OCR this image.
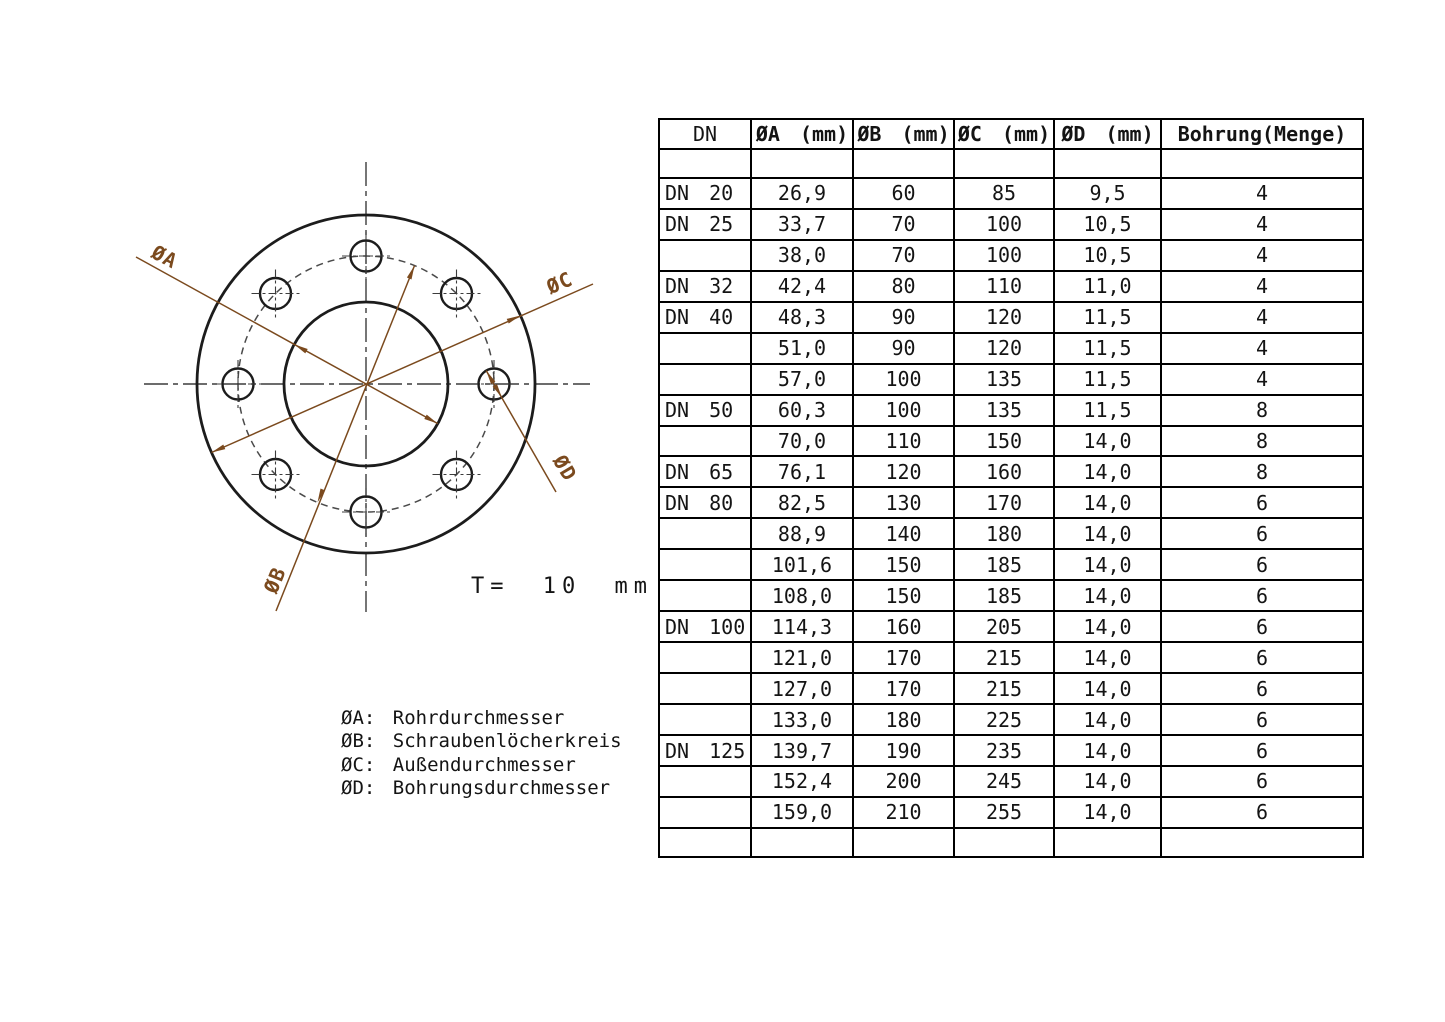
ØA
ØC
ØB
ØD
T= 10 mm
ØA: Rohrdurchmesser
ØB: Schraubenlöcherkreis
ØC: Außendurchmesser
ØD: Bohrungsdurchmesser
DN	ØA (mm)	ØB (mm)	ØC (mm)	ØD (mm)	Bohrung(Menge)

DN 20	26,9	60	85	9,5	4
DN 25	33,7	70	100	10,5	4
	38,0	70	100	10,5	4
DN 32	42,4	80	110	11,0	4
DN 40	48,3	90	120	11,5	4
	51,0	90	120	11,5	4
	57,0	100	135	11,5	4
DN 50	60,3	100	135	11,5	8
	70,0	110	150	14,0	8
DN 65	76,1	120	160	14,0	8
DN 80	82,5	130	170	14,0	6
	88,9	140	180	14,0	6
	101,6	150	185	14,0	6
	108,0	150	185	14,0	6
DN 100	114,3	160	205	14,0	6
	121,0	170	215	14,0	6
	127,0	170	215	14,0	6
	133,0	180	225	14,0	6
DN 125	139,7	190	235	14,0	6
	152,4	200	245	14,0	6
	159,0	210	255	14,0	6
